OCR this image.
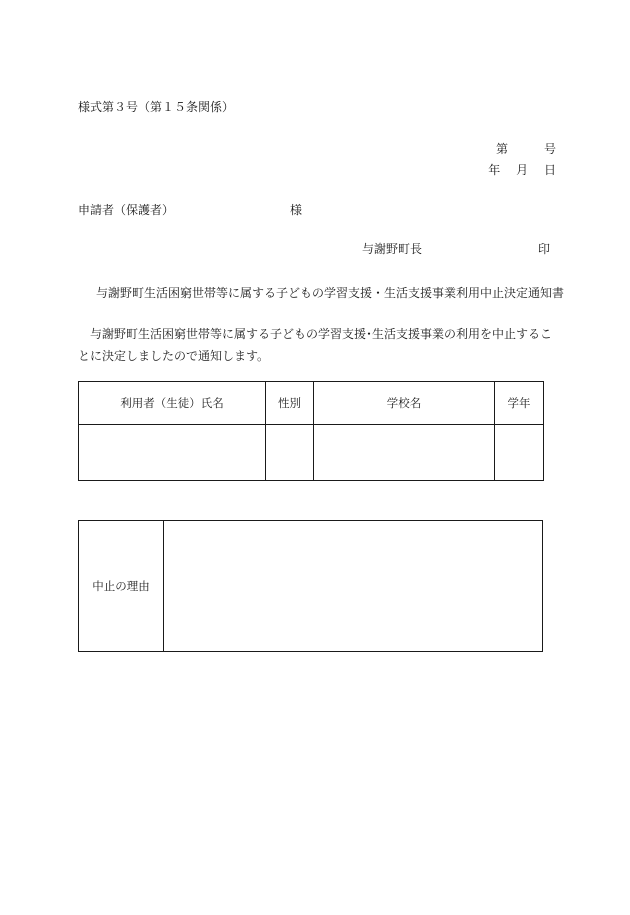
様式第３号（第１５条関係）
第	号
年 月 日
申請者（保護者）	様
与謝野町長	印
与謝野町生活困窮世帯等に属する子どもの学習支援・生活支援事業利用中止決定通知書
与謝野町生活困窮世帯等に属する子どもの学習支援･生活支援事業の利用を中止することに決定しましたので通知します。
利用者（生徒）氏名	性別	学校名	学年

中止の理由	
